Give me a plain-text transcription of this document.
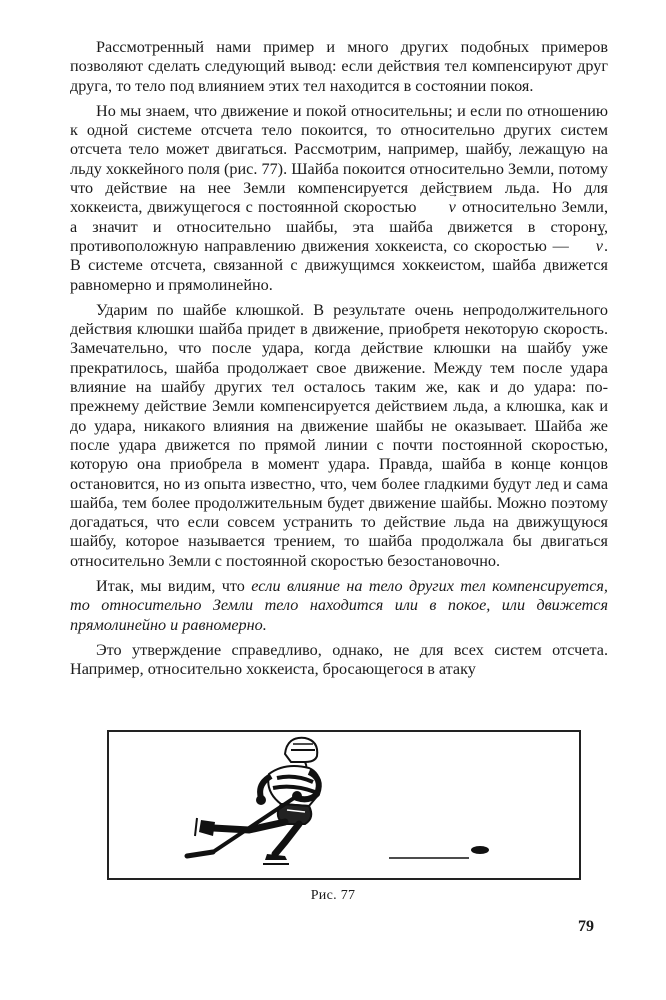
Рассмотренный нами пример и много других подобных примеров позволяют сделать следующий вывод: если действия тел компенсируют друг друга, то тело под влиянием этих тел находится в состоянии покоя.

Но мы знаем, что движение и покой относительны; и если по отношению к одной системе отсчета тело покоится, то относительно других систем отсчета тело может двигаться. Рассмотрим, например, шайбу, лежащую на льду хоккейного поля (рис. 77). Шайба покоится относительно Земли, потому что действие на нее Земли компенсируется действием льда. Но для хоккеиста, движущегося с постоянной скоростью → v относительно Земли, а значит и относительно шайбы, эта шайба движется в сторону, противоположную направлению движения хоккеиста, со скоростью —→ v. В системе отсчета, связанной с движущимся хоккеистом, шайба движется равномерно и прямолинейно.

Ударим по шайбе клюшкой. В результате очень непродолжительного действия клюшки шайба придет в движение, приобретя некоторую скорость. Замечательно, что после удара, когда действие клюшки на шайбу уже прекратилось, шайба продолжает свое движение. Между тем после удара влияние на шайбу других тел осталось таким же, как и до удара: по-прежнему действие Земли компенсируется действием льда, а клюшка, как и до удара, никакого влияния на движение шайбы не оказывает. Шайба же после удара движется по прямой линии с почти постоянной скоростью, которую она приобрела в момент удара. Правда, шайба в конце концов остановится, но из опыта известно, что, чем более гладкими будут лед и сама шайба, тем более продолжительным будет движение шайбы. Можно поэтому догадаться, что если совсем устранить то действие льда на движущуюся шайбу, которое называется трением, то шайба продолжала бы двигаться относительно Земли с постоянной скоростью безостановочно.

Итак, мы видим, что если влияние на тело других тел компенсируется, то относительно Земли тело находится или в покое, или движется прямолинейно и равномерно.

Это утверждение справедливо, однако, не для всех систем отсчета. Например, относительно хоккеиста, бросающегося в атаку

Рис. 77
79
